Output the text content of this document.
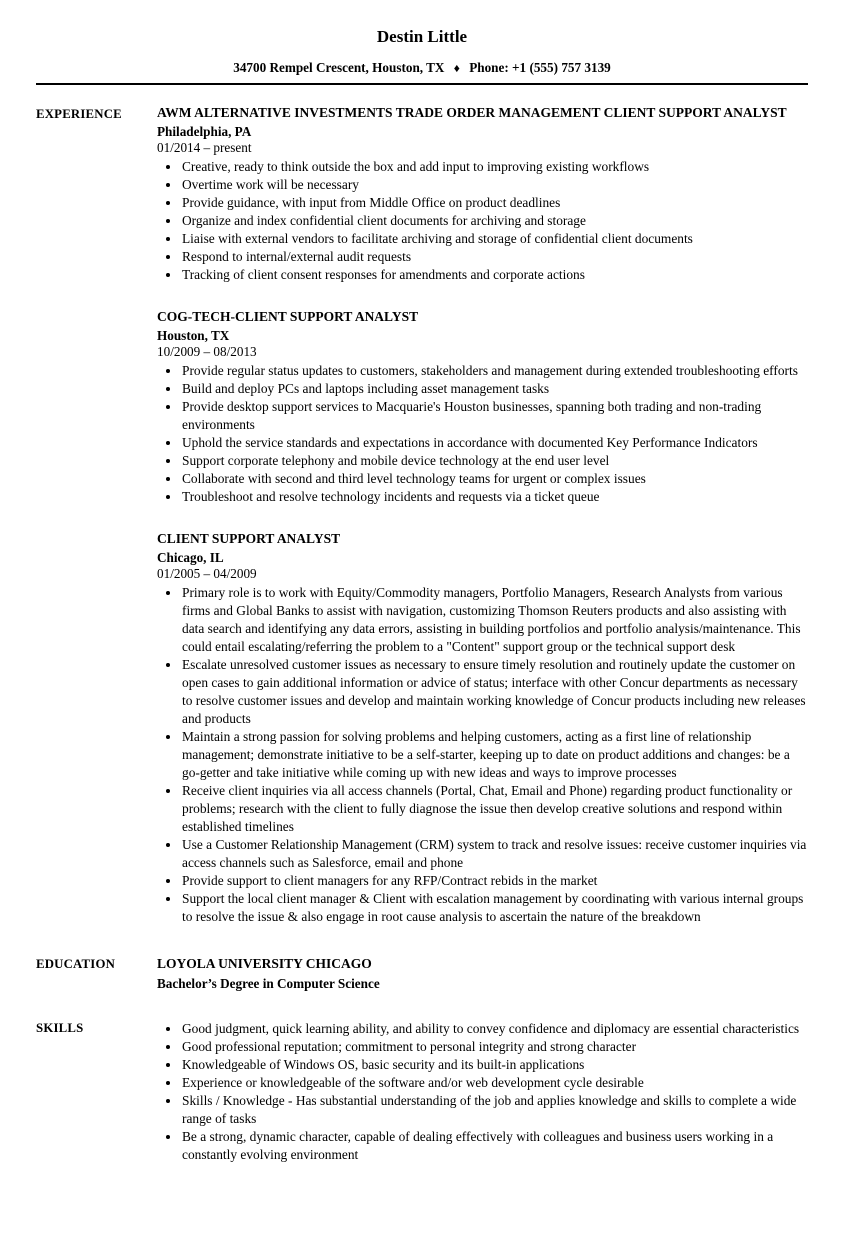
Destin Little
34700 Rempel Crescent, Houston, TX ♦ Phone: +1 (555) 757 3139
EXPERIENCE	AWM ALTERNATIVE INVESTMENTS TRADE ORDER MANAGEMENT CLIENT SUPPORT ANALYST
Philadelphia, PA
01/2014 – present
• Creative, ready to think outside the box and add input to improving existing workflows
• Overtime work will be necessary
• Provide guidance, with input from Middle Office on product deadlines
• Organize and index confidential client documents for archiving and storage
• Liaise with external vendors to facilitate archiving and storage of confidential client documents
• Respond to internal/external audit requests
• Tracking of client consent responses for amendments and corporate actions
COG-TECH-CLIENT SUPPORT ANALYST
Houston, TX
10/2009 – 08/2013
• Provide regular status updates to customers, stakeholders and management during extended troubleshooting efforts
• Build and deploy PCs and laptops including asset management tasks
• Provide desktop support services to Macquarie's Houston businesses, spanning both trading and non-trading environments
• Uphold the service standards and expectations in accordance with documented Key Performance Indicators
• Support corporate telephony and mobile device technology at the end user level
• Collaborate with second and third level technology teams for urgent or complex issues
• Troubleshoot and resolve technology incidents and requests via a ticket queue
CLIENT SUPPORT ANALYST
Chicago, IL
01/2005 – 04/2009
• Primary role is to work with Equity/Commodity managers, Portfolio Managers, Research Analysts from various firms and Global Banks to assist with navigation, customizing Thomson Reuters products and also assisting with data search and identifying any data errors, assisting in building portfolios and portfolio analysis/maintenance. This could entail escalating/referring the problem to a "Content" support group or the technical support desk
• Escalate unresolved customer issues as necessary to ensure timely resolution and routinely update the customer on open cases to gain additional information or advice of status; interface with other Concur departments as necessary to resolve customer issues and develop and maintain working knowledge of Concur products including new releases and products
• Maintain a strong passion for solving problems and helping customers, acting as a first line of relationship management; demonstrate initiative to be a self-starter, keeping up to date on product additions and changes: be a go-getter and take initiative while coming up with new ideas and ways to improve processes
• Receive client inquiries via all access channels (Portal, Chat, Email and Phone) regarding product functionality or problems; research with the client to fully diagnose the issue then develop creative solutions and respond within established timelines
• Use a Customer Relationship Management (CRM) system to track and resolve issues: receive customer inquiries via access channels such as Salesforce, email and phone
• Provide support to client managers for any RFP/Contract rebids in the market
• Support the local client manager & Client with escalation management by coordinating with various internal groups to resolve the issue & also engage in root cause analysis to ascertain the nature of the breakdown
EDUCATION	LOYOLA UNIVERSITY CHICAGO
Bachelor’s Degree in Computer Science
SKILLS	• Good judgment, quick learning ability, and ability to convey confidence and diplomacy are essential characteristics
• Good professional reputation; commitment to personal integrity and strong character
• Knowledgeable of Windows OS, basic security and its built-in applications
• Experience or knowledgeable of the software and/or web development cycle desirable
• Skills / Knowledge - Has substantial understanding of the job and applies knowledge and skills to complete a wide range of tasks
• Be a strong, dynamic character, capable of dealing effectively with colleagues and business users working in a constantly evolving environment
